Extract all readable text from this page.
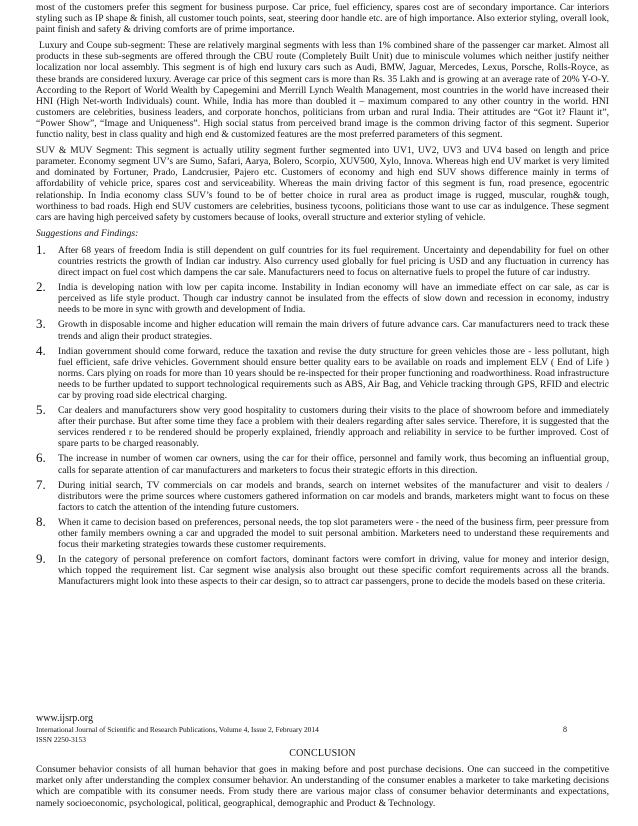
most of the customers prefer this segment for business purpose. Car price, fuel efficiency, spares cost are of secondary importance. Car interiors styling such as IP shape & finish, all customer touch points, seat, steering door handle etc. are of high importance. Also exterior styling, overall look, paint finish and safety & driving comforts are of prime importance.

Luxury and Coupe sub-segment: These are relatively marginal segments with less than 1% combined share of the passenger car market. Almost all products in these sub-segments are offered through the CBU route (Completely Built Unit) due to miniscule volumes which neither justify neither localization nor local assembly. This segment is of high end luxury cars such as Audi, BMW, Jaguar, Mercedes, Lexus, Porsche, Rolls-Royce, as these brands are considered luxury. Average car price of this segment cars is more than Rs. 35 Lakh and is growing at an average rate of 20% Y-O-Y. According to the Report of World Wealth by Capegemini and Merrill Lynch Wealth Management, most countries in the world have increased their HNI (High Net-worth Individuals) count. While, India has more than doubled it – maximum compared to any other country in the world. HNI customers are celebrities, business leaders, and corporate honchos, politicians from urban and rural India. Their attitudes are “Got it? Flaunt it”, “Power Show”, “Image and Uniqueness”. High social status from perceived brand image is the common driving factor of this segment. Superior functio nality, best in class quality and high end & customized features are the most preferred parameters of this segment.

SUV & MUV Segment: This segment is actually utility segment further segmented into UV1, UV2, UV3 and UV4 based on length and price parameter. Economy segment UV’s are Sumo, Safari, Aarya, Bolero, Scorpio, XUV500, Xylo, Innova. Whereas high end UV market is very limited and dominated by Fortuner, Prado, Landcrusier, Pajero etc. Customers of economy and high end SUV shows difference mainly in terms of affordability of vehicle price, spares cost and serviceability. Whereas the main driving factor of this segment is fun, road presence, egocentric relationship. In India economy class SUV’s found to be of better choice in rural area as product image is rugged, muscular, rough& tough, worthiness to bad roads. High end SUV customers are celebrities, business tycoons, politicians those want to use car as indulgence. These segment cars are having high perceived safety by customers because of looks, overall structure and exterior styling of vehicle.

Suggestions and Findings:

1. After 68 years of freedom India is still dependent on gulf countries for its fuel requirement. Uncertainty and dependability for fuel on other countries restricts the growth of Indian car industry. Also currency used globally for fuel pricing is USD and any fluctuation in currency has direct impact on fuel cost which dampens the car sale. Manufacturers need to focus on alternative fuels to propel the future of car industry.

2. India is developing nation with low per capita income. Instability in Indian economy will have an immediate effect on car sale, as car is perceived as life style product. Though car industry cannot be insulated from the effects of slow down and recession in economy, industry needs to be more in sync with growth and development of India.

3. Growth in disposable income and higher education will remain the main drivers of future advance cars. Car manufacturers need to track these trends and align their product strategies.

4. Indian government should come forward, reduce the taxation and revise the duty structure for green vehicles those are - less pollutant, high fuel efficient, safe drive vehicles. Government should ensure better quality ears to be available on roads and implement ELV ( End of Life ) norms. Cars plying on roads for more than 10 years should be re-inspected for their proper functioning and roadworthiness. Road infrastructure needs to be further updated to support technological requirements such as ABS, Air Bag, and Vehicle tracking through GPS, RFID and electric car by proving road side electrical charging.

5. Car dealers and manufacturers show very good hospitality to customers during their visits to the place of showroom before and immediately after their purchase. But after some time they face a problem with their dealers regarding after sales service. Therefore, it is suggested that the services rendered r to be rendered should be properly explained, friendly approach and reliability in service to be further improved. Cost of spare parts to be charged reasonably.

6. The increase in number of women car owners, using the car for their office, personnel and family work, thus becoming an influential group, calls for separate attention of car manufacturers and marketers to focus their strategic efforts in this direction.

7. During initial search, TV commercials on car models and brands, search on internet websites of the manufacturer and visit to dealers / distributors were the prime sources where customers gathered information on car models and brands, marketers might want to focus on these factors to catch the attention of the intending future customers.

8. When it came to decision based on preferences, personal needs, the top slot parameters were - the need of the business firm, peer pressure from other family members owning a car and upgraded the model to suit personal ambition. Marketers need to understand these requirements and focus their marketing strategies towards these customer requirements.

9. In the category of personal preference on comfort factors, dominant factors were comfort in driving, value for money and interior design, which topped the requirement list. Car segment wise analysis also brought out these specific comfort requirements across all the brands. Manufacturers might look into these aspects to their car design, so to attract car passengers, prone to decide the models based on these criteria.

www.ijsrp.org

International Journal of Scientific and Research Publications, Volume 4, Issue 2, February 2014	8

ISSN 2250-3153

CONCLUSION

Consumer behavior consists of all human behavior that goes in making before and post purchase decisions. One can succeed in the competitive market only after understanding the complex consumer behavior. An understanding of the consumer enables a marketer to take marketing decisions which are compatible with its consumer needs. From study there are various major class of consumer behavior determinants and expectations, namely socioeconomic, psychological, political, geographical, demographic and Product & Technology.
